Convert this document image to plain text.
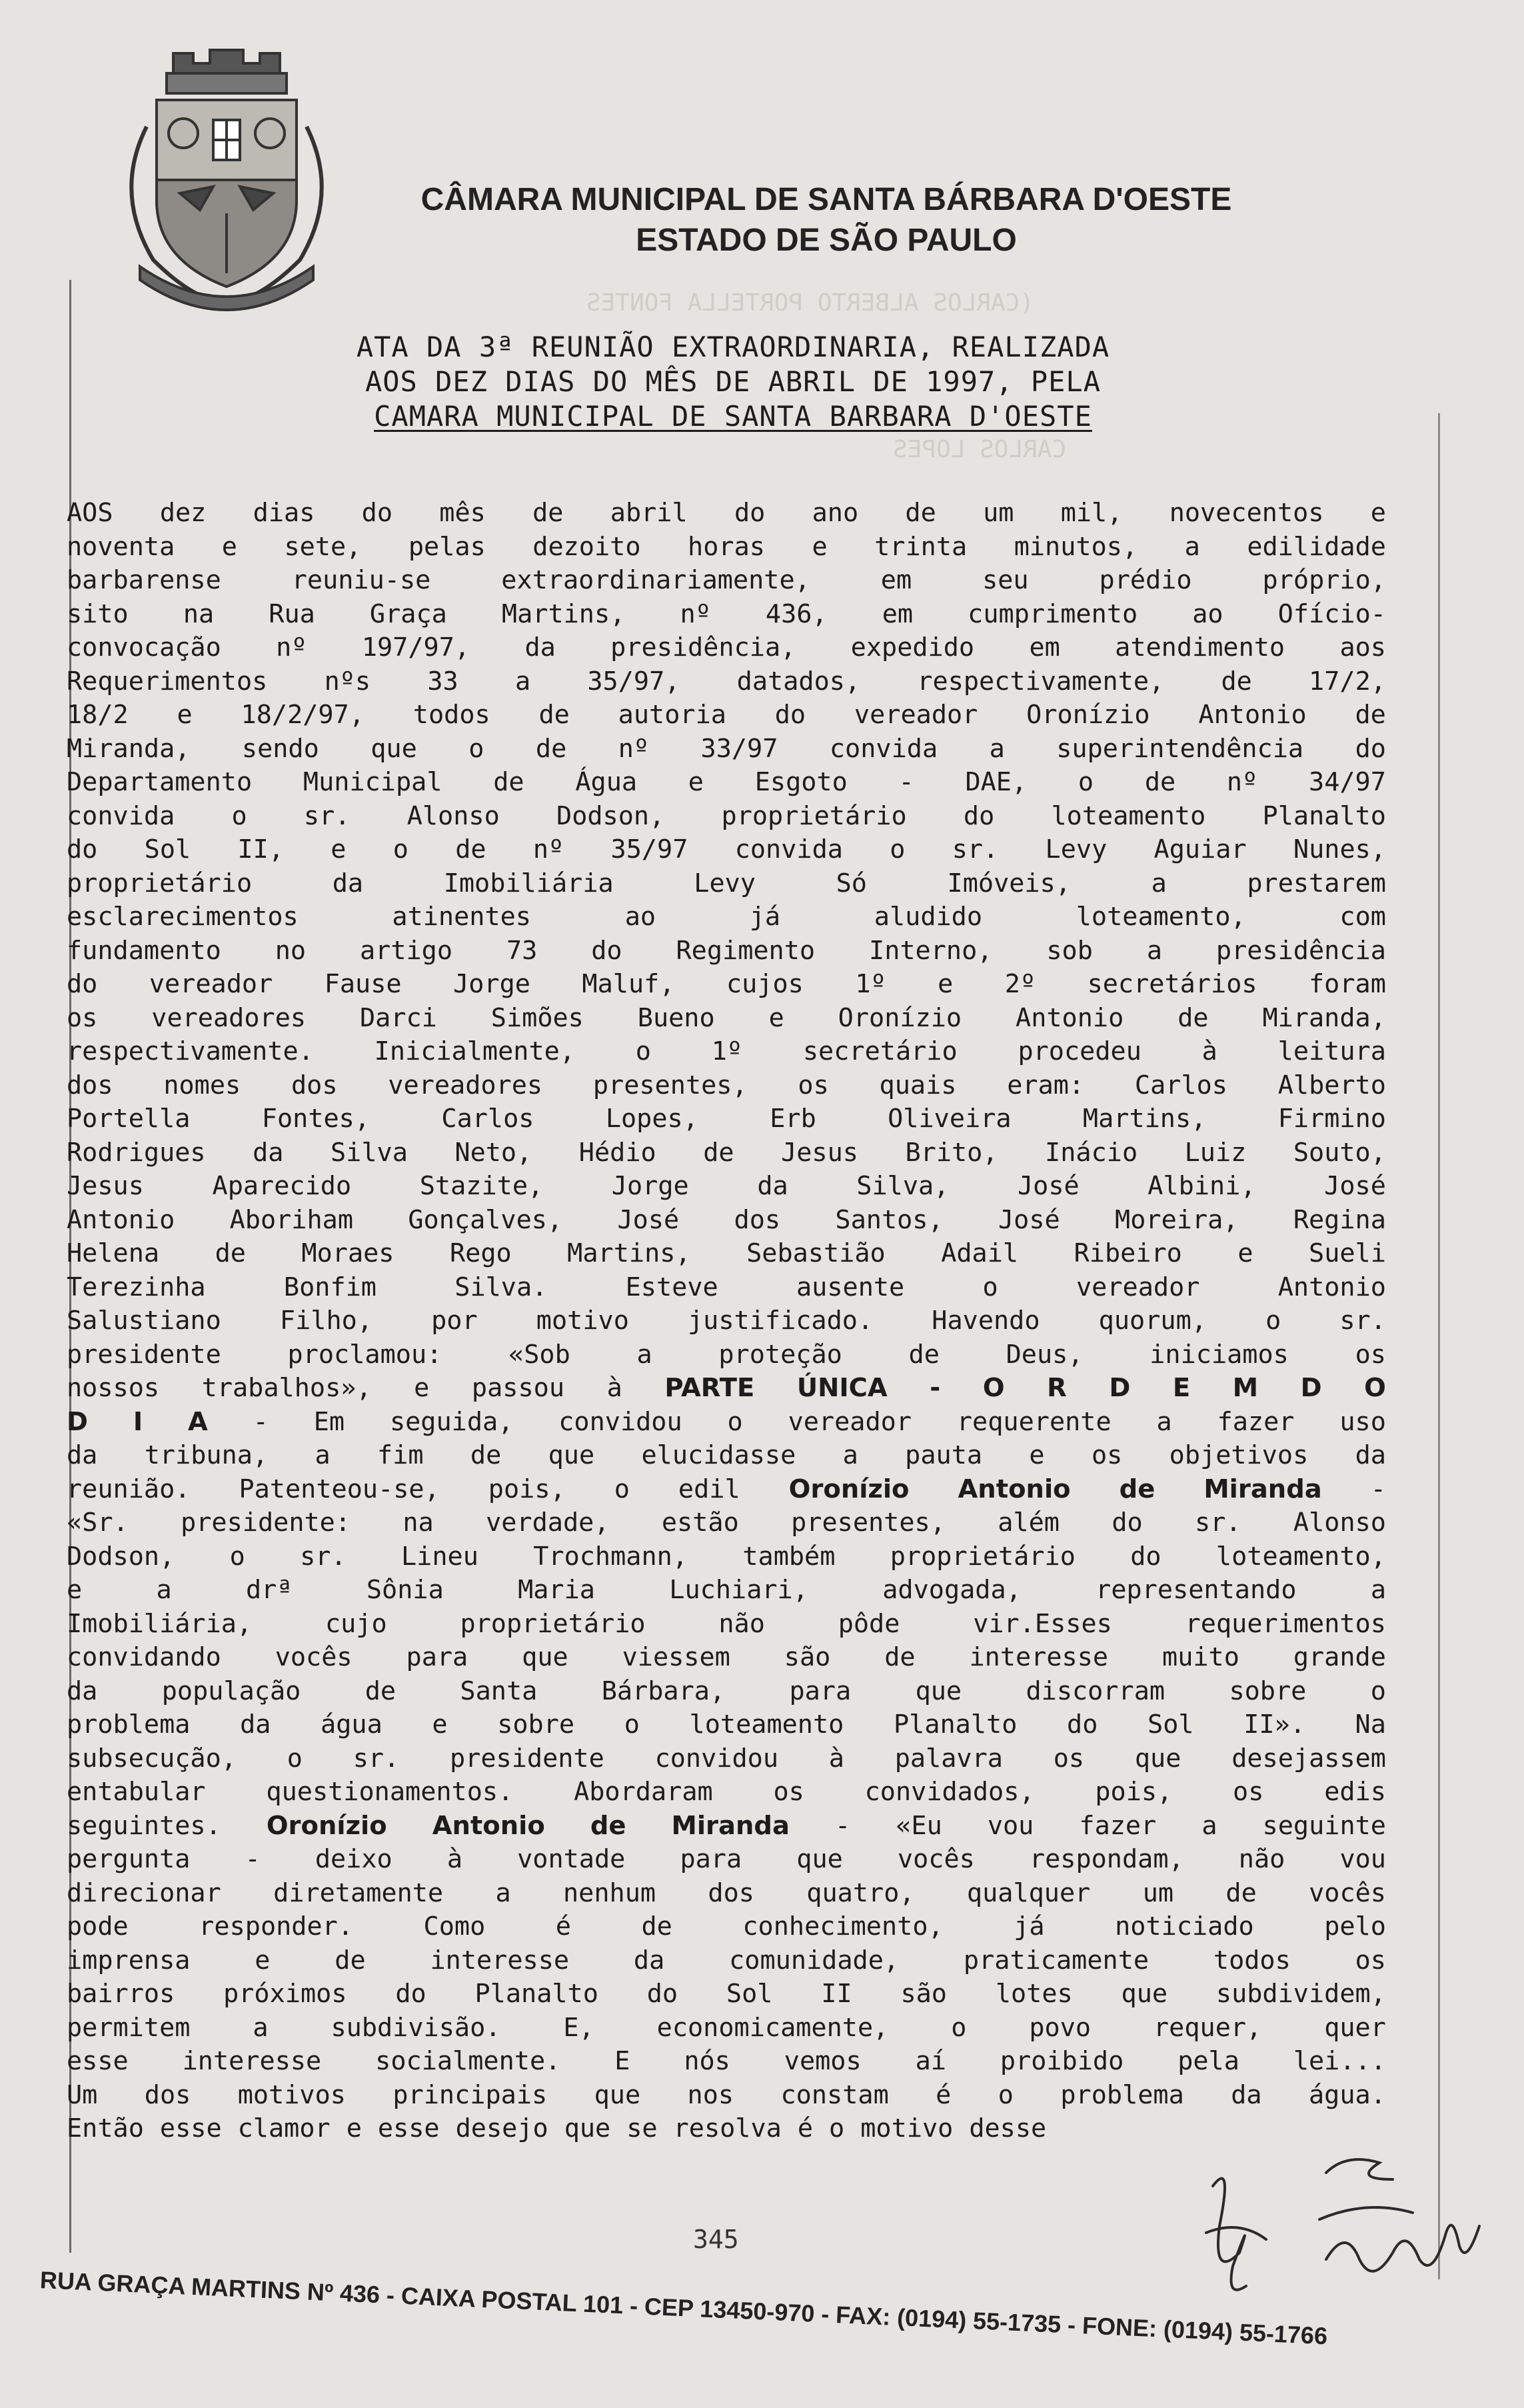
(CARLOS ALBERTO PORTELLA FONTES
CARLOS LOPES
CÂMARA MUNICIPAL DE SANTA BÁRBARA D'OESTE
ESTADO DE SÃO PAULO
ATA DA 3ª REUNIÃO EXTRAORDINARIA, REALIZADA
AOS DEZ DIAS DO MÊS DE ABRIL DE 1997, PELA
CAMARA MUNICIPAL DE SANTA BARBARA D'OESTE
AOS dez dias do mês de abril do ano de um mil, novecentos e
noventa e sete, pelas dezoito horas e trinta minutos, a edilidade
barbarense	reuniu-se	extraordinariamente,	em	seu	prédio	próprio,
sito na Rua Graça Martins, nº 436, em cumprimento ao Ofício-
convocação nº 197/97, da presidência, expedido em atendimento aos
Requerimentos nºs 33 a 35/97, datados, respectivamente, de 17/2,
18/2 e 18/2/97, todos de autoria do vereador Oronízio Antonio de
Miranda, sendo que o de nº 33/97 convida a superintendência do
Departamento Municipal de Água e Esgoto - DAE, o de nº 34/97
convida o sr. Alonso Dodson, proprietário do loteamento Planalto
do Sol II, e o de nº 35/97 convida o sr. Levy Aguiar Nunes,
proprietário	da	Imobiliária	Levy	Só	Imóveis,	a	prestarem
esclarecimentos	atinentes	ao	já	aludido	loteamento,	com
fundamento no artigo 73 do Regimento Interno, sob a presidência
do vereador Fause Jorge Maluf, cujos 1º e 2º secretários foram
os vereadores Darci Simões Bueno e Oronízio Antonio de Miranda,
respectivamente. Inicialmente, o 1º secretário procedeu à leitura
dos nomes dos vereadores presentes, os quais eram: Carlos Alberto
Portella	Fontes,	Carlos	Lopes,	Erb	Oliveira	Martins,	Firmino
Rodrigues da Silva Neto, Hédio de Jesus Brito, Inácio Luiz Souto,
Jesus	Aparecido	Stazite,	Jorge	da	Silva,	José	Albini,	José
Antonio Aboriham Gonçalves, José dos Santos, José Moreira, Regina
Helena de Moraes Rego Martins, Sebastião Adail Ribeiro e Sueli
Terezinha	Bonfim	Silva.	Esteve	ausente	o	vereador	Antonio
Salustiano Filho, por motivo justificado. Havendo quorum, o sr.
presidente	proclamou:	«Sob	a	proteção	de	Deus,	iniciamos	os
nossos trabalhos», e passou à PARTE ÚNICA - O R D E M D O
D I A - Em seguida, convidou o vereador requerente a fazer uso
da tribuna, a fim de que elucidasse a pauta e os objetivos da
reunião. Patenteou-se, pois, o edil Oronízio Antonio de Miranda -
«Sr. presidente: na verdade, estão presentes, além do sr. Alonso
Dodson, o sr. Lineu Trochmann, também proprietário do loteamento,
e	a	drª	Sônia	Maria	Luchiari,	advogada,	representando	a
Imobiliária,	cujo	proprietário	não	pôde	vir.Esses	requerimentos
convidando vocês para que viessem são de interesse muito grande
da	população	de	Santa	Bárbara,	para	que	discorram	sobre	o
problema da água e sobre o loteamento Planalto do Sol II». Na
subsecução, o sr. presidente convidou à palavra os que desejassem
entabular questionamentos. Abordaram os convidados, pois, os edis
seguintes. Oronízio Antonio de Miranda - «Eu vou fazer a seguinte
pergunta - deixo à vontade para que vocês respondam, não vou
direcionar diretamente a nenhum dos quatro, qualquer um de vocês
pode	responder.	Como	é	de	conhecimento,	já	noticiado	pelo
imprensa	e	de	interesse	da	comunidade,	praticamente	todos	os
bairros próximos do Planalto do Sol II são lotes que subdividem,
permitem a subdivisão. E, economicamente, o povo requer, quer
esse interesse socialmente. E nós vemos aí proibido pela lei...
Um dos motivos principais que nos constam é o problema da água.
Então esse clamor e esse desejo que se resolva é o motivo desse
345
RUA GRAÇA MARTINS Nº 436 - CAIXA POSTAL 101 - CEP 13450-970 - FAX: (0194) 55-1735 - FONE: (0194) 55-1766
